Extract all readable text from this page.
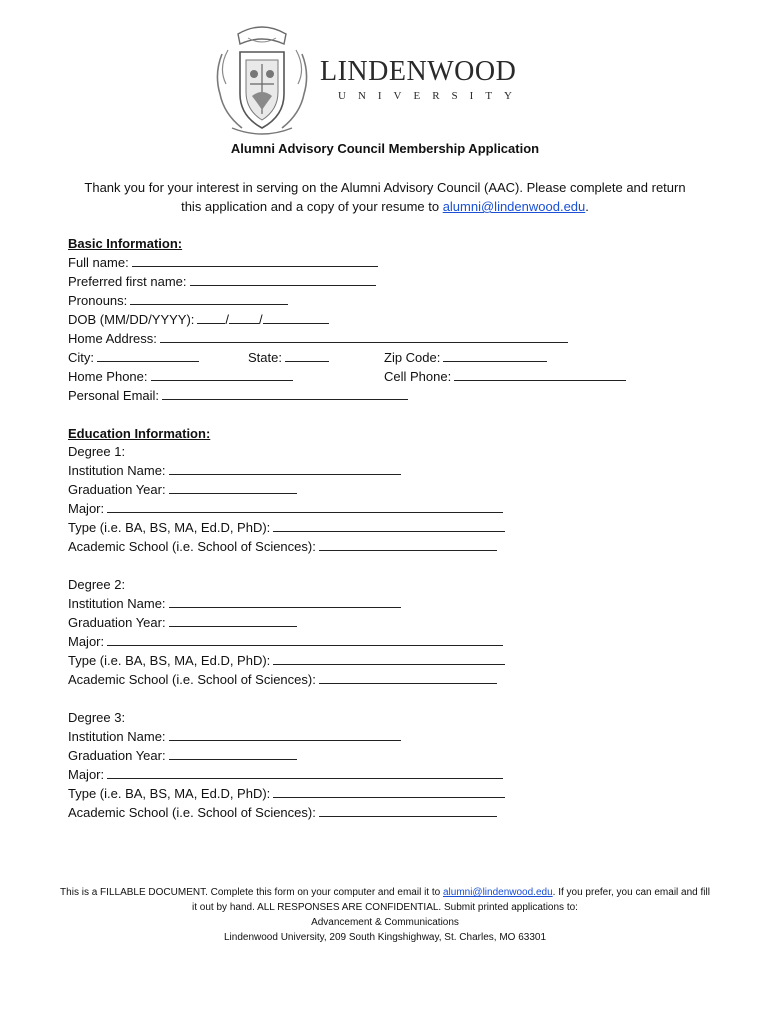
LINDENWOOD
UNIVERSITY
Alumni Advisory Council Membership Application
Thank you for your interest in serving on the Alumni Advisory Council (AAC). Please complete and return this application and a copy of your resume to alumni@lindenwood.edu.
Basic Information:
Full name:
Preferred first name:
Pronouns:
DOB (MM/DD/YYYY): / /
Home Address:
City:	State:	Zip Code:
Home Phone:	Cell Phone:
Personal Email:
Education Information:
Degree 1:
Institution Name:
Graduation Year:
Major:
Type (i.e. BA, BS, MA, Ed.D, PhD):
Academic School (i.e. School of Sciences):
Degree 2:
Institution Name:
Graduation Year:
Major:
Type (i.e. BA, BS, MA, Ed.D, PhD):
Academic School (i.e. School of Sciences):
Degree 3:
Institution Name:
Graduation Year:
Major:
Type (i.e. BA, BS, MA, Ed.D, PhD):
Academic School (i.e. School of Sciences):
This is a FILLABLE DOCUMENT. Complete this form on your computer and email it to alumni@lindenwood.edu. If you prefer, you can email and fill it out by hand. ALL RESPONSES ARE CONFIDENTIAL. Submit printed applications to:
Advancement & Communications
Lindenwood University, 209 South Kingshighway, St. Charles, MO 63301
